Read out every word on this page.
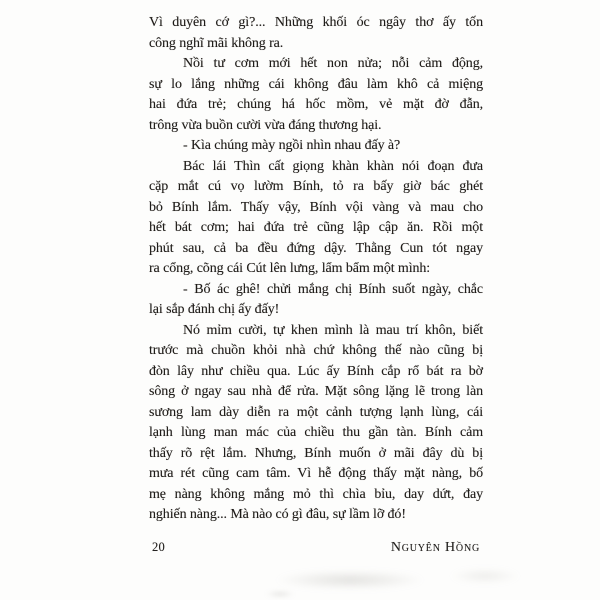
Vì duyên cớ gì?... Những khối óc ngây thơ ấy tốn
công nghĩ mãi không ra.
Nồi tư cơm mới hết non nửa; nỗi cảm động,
sự lo lắng những cái không đâu làm khô cả miệng
hai đứa trẻ; chúng há hốc mồm, vẻ mặt đờ đẫn,
trông vừa buồn cười vừa đáng thương hại.
- Kìa chúng mày ngồi nhìn nhau đấy à?
Bác lái Thìn cất giọng khàn khàn nói đoạn đưa
cặp mắt cú vọ lườm Bính, tỏ ra bấy giờ bác ghét
bỏ Bính lắm. Thấy vậy, Bính vội vàng và mau cho
hết bát cơm; hai đứa trẻ cũng lập cập ăn. Rồi một
phút sau, cả ba đều đứng dậy. Thằng Cun tót ngay
ra cổng, cõng cái Cút lên lưng, lẩm bẩm một mình:
- Bố ác ghê! chửi mắng chị Bính suốt ngày, chắc
lại sắp đánh chị ấy đấy!
Nó mỉm cười, tự khen mình là mau trí khôn, biết
trước mà chuồn khỏi nhà chứ không thế nào cũng bị
đòn lây như chiều qua. Lúc ấy Bính cắp rổ bát ra bờ
sông ở ngay sau nhà để rửa. Mặt sông lặng lẽ trong làn
sương lam dày diễn ra một cảnh tượng lạnh lùng, cái
lạnh lùng man mác của chiều thu gần tàn. Bính cảm
thấy rõ rệt lắm. Nhưng, Bính muốn ở mãi đây dù bị
mưa rét cũng cam tâm. Vì hễ động thấy mặt nàng, bố
mẹ nàng không mắng mỏ thì chìa bỉu, day dứt, đay
nghiến nàng... Mà nào có gì đâu, sự lầm lỡ đó!
20	Nguyên Hồng
